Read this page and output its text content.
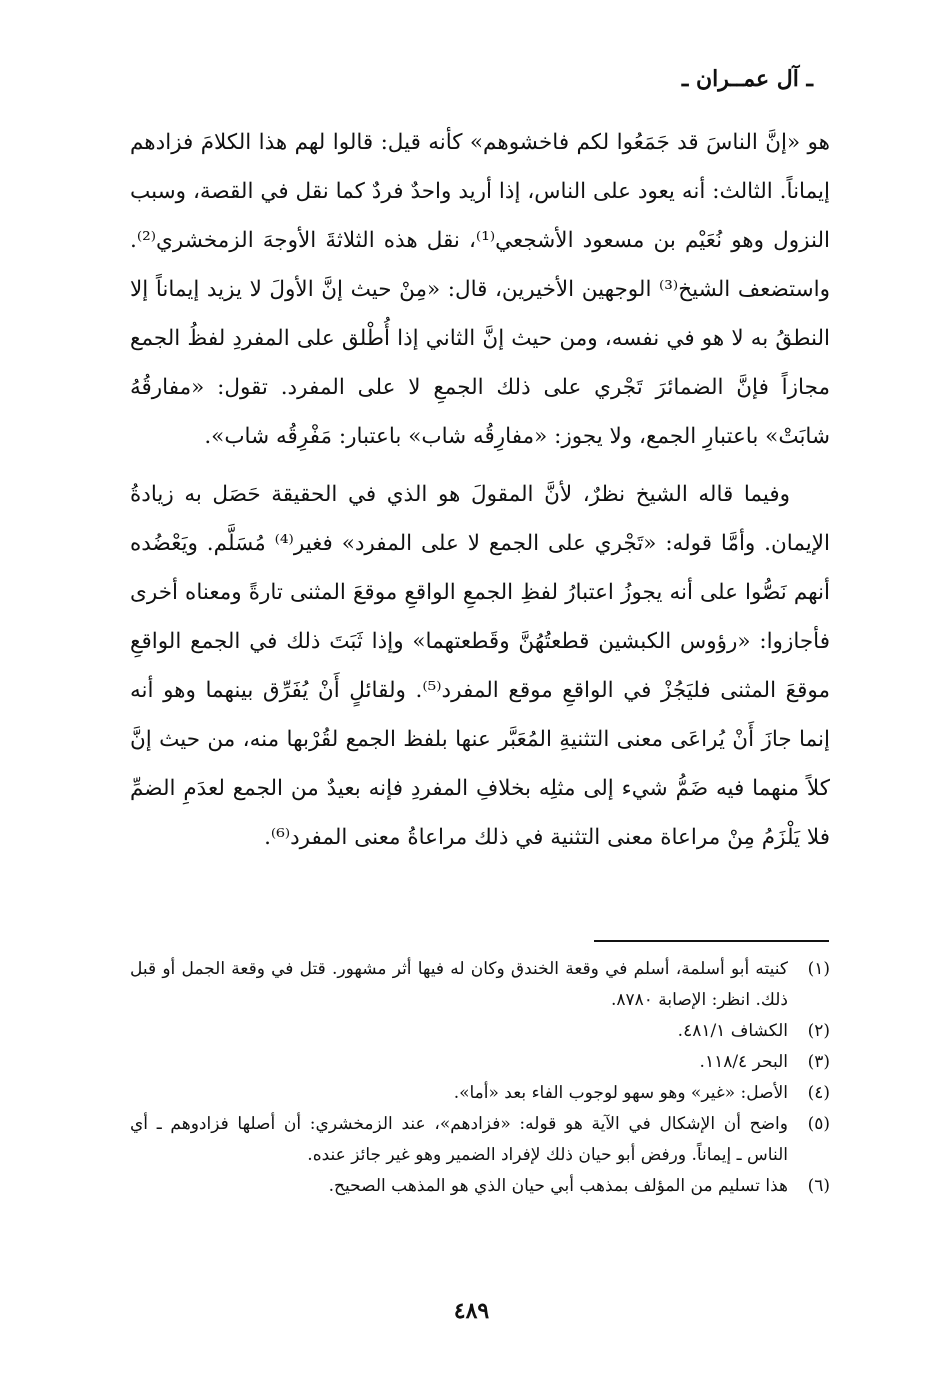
ـ آل عمــران ـ

هو «إنَّ الناسَ قد جَمَعُوا لكم فاخشوهم» كأنه قيل: قالوا لهم هذا الكلامَ فزادهم إيماناً. الثالث: أنه يعود على الناس، إذا أريد واحدٌ فردٌ كما نقل في القصة، وسبب النزول وهو نُعَيْم بن مسعود الأشجعي⁽¹⁾، نقل هذه الثلاثةَ الأوجهَ الزمخشري⁽²⁾. واستضعف الشيخ⁽³⁾ الوجهين الأخيرين، قال: «مِنْ حيث إنَّ الأولَ لا يزيد إيماناً إلا النطقُ به لا هو في نفسه، ومن حيث إنَّ الثاني إذا أُطْلق على المفردِ لفظُ الجمع مجازاً فإنَّ الضمائرَ تَجْري على ذلك الجمعِ لا على المفرد. تقول: «مفارقُهُ شابَتْ» باعتبارِ الجمع، ولا يجوز: «مفارِقُه شاب» باعتبار: مَفْرِقُه شاب».

وفيما قاله الشيخ نظرٌ، لأنَّ المقولَ هو الذي في الحقيقة حَصَل به زيادةُ الإيمان. وأمَّا قوله: «تَجْري على الجمع لا على المفرد» فغير⁽⁴⁾ مُسَلَّم. ويَعْضُده أنهم نَصُّوا على أنه يجوزُ اعتبارُ لفظِ الجمعِ الواقعِ موقعَ المثنى تارةً ومعناه أخرى فأجازوا: «رؤوس الكبشين قطعتُهُنَّ وقَطعتهما» وإذا ثَبَتَ ذلك في الجمع الواقعِ موقعَ المثنى فليَجُزْ في الواقعِ موقع المفرد⁽⁵⁾. ولقائلٍ أَنْ يُفَرِّق بينهما وهو أنه إنما جازَ أَنْ يُراعَى معنى التثنيةِ المُعَبَّر عنها بلفظ الجمع لقُرْبها منه، من حيث إنَّ كلاً منهما فيه ضَمُّ شيء إلى مثلِه بخلافِ المفردِ فإنه بعيدٌ من الجمع لعدَمِ الضمِّ فلا يَلْزَمُ مِنْ مراعاة معنى التثنية في ذلك مراعاةُ معنى المفرد⁽⁶⁾.

(١)
كنيته أبو أسلمة، أسلم في وقعة الخندق وكان له فيها أثر مشهور. قتل في وقعة الجمل أو قبل ذلك. انظر: الإصابة ٨٧٨٠.
(٢)
الكشاف ٤٨١/١.
(٣)
البحر ١١٨/٤.
(٤)
الأصل: «غير» وهو سهو لوجوب الفاء بعد «أما».
(٥)
واضح أن الإشكال في الآية هو قوله: «فزادهم»، عند الزمخشري: أن أصلها فزادوهم ـ أي الناس ـ إيماناً. ورفض أبو حيان ذلك لإفراد الضمير وهو غير جائز عنده.
(٦)
هذا تسليم من المؤلف بمذهب أبي حيان الذي هو المذهب الصحيح.
٤٨٩
